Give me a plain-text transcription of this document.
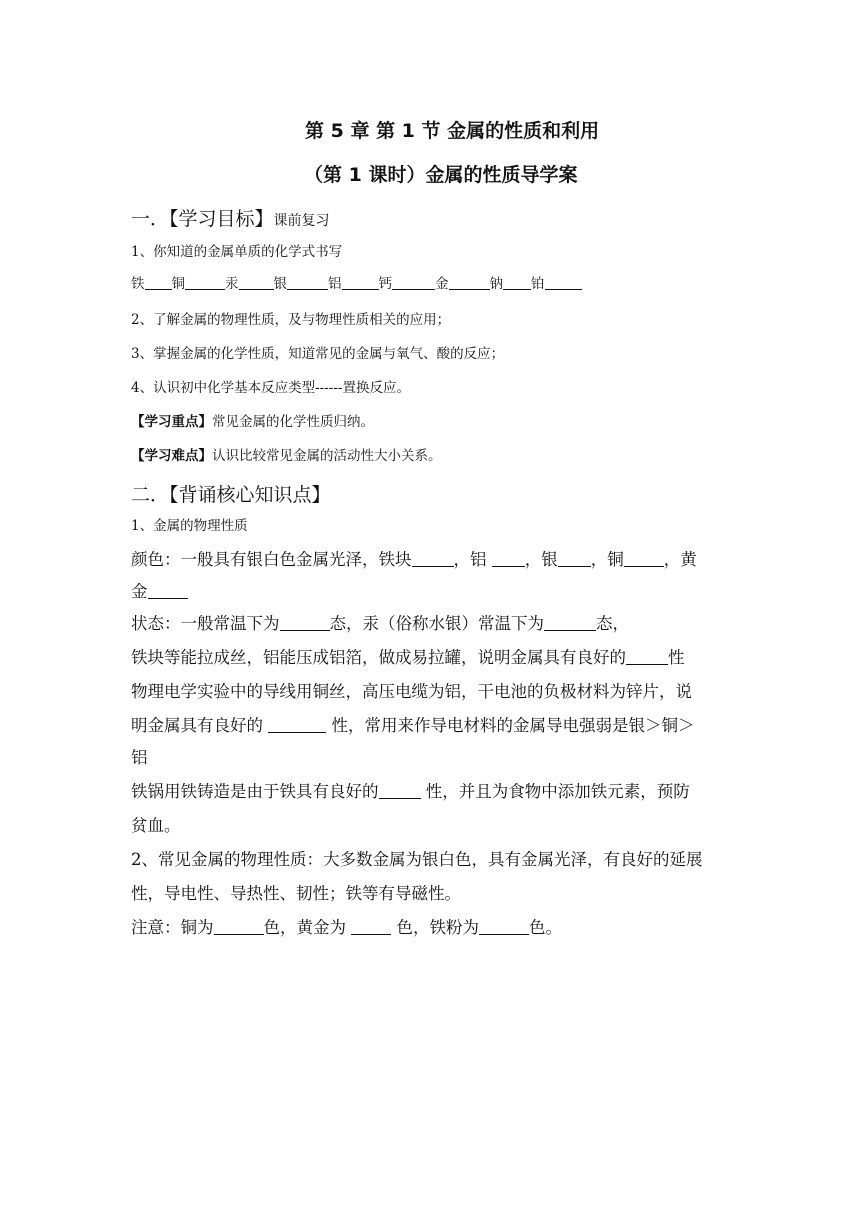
第 5 章 第 1 节 金属的性质和利用
（第 1 课时）金属的性质导学案
一．【学习目标】课前复习
1、你知道的金属单质的化学式书写
铁 铜	汞	银	铝	钙	金	钠 铂
2、了解金属的物理性质，及与物理性质相关的应用；
3、掌握金属的化学性质，知道常见的金属与氧气、酸的反应；
4、认识初中化学基本反应类型------置换反应。
【学习重点】常见金属的化学性质归纳。
【学习难点】认识比较常见金属的活动性大小关系。
二．【背诵核心知识点】
1、金属的物理性质
颜色：一般具有银白色金属光泽，铁块	，铝 ，银 ，铜 ，黄
金
状态：一般常温下为	态，汞（俗称水银）常温下为	态，
铁块等能拉成丝，铝能压成铝箔，做成易拉罐，说明金属具有良好的	性
物理电学实验中的导线用铜丝，高压电缆为铝，干电池的负极材料为锌片，说
明金属具有良好的	性，常用来作导电材料的金属导电强弱是银＞铜＞
铝
铁锅用铁铸造是由于铁具有良好的	性，并且为食物中添加铁元素，预防
贫血。
2、常见金属的物理性质：大多数金属为银白色，具有金属光泽，有良好的延展
性，导电性、导热性、韧性；铁等有导磁性。
注意：铜为	色，黄金为  色，铁粉为	色。
